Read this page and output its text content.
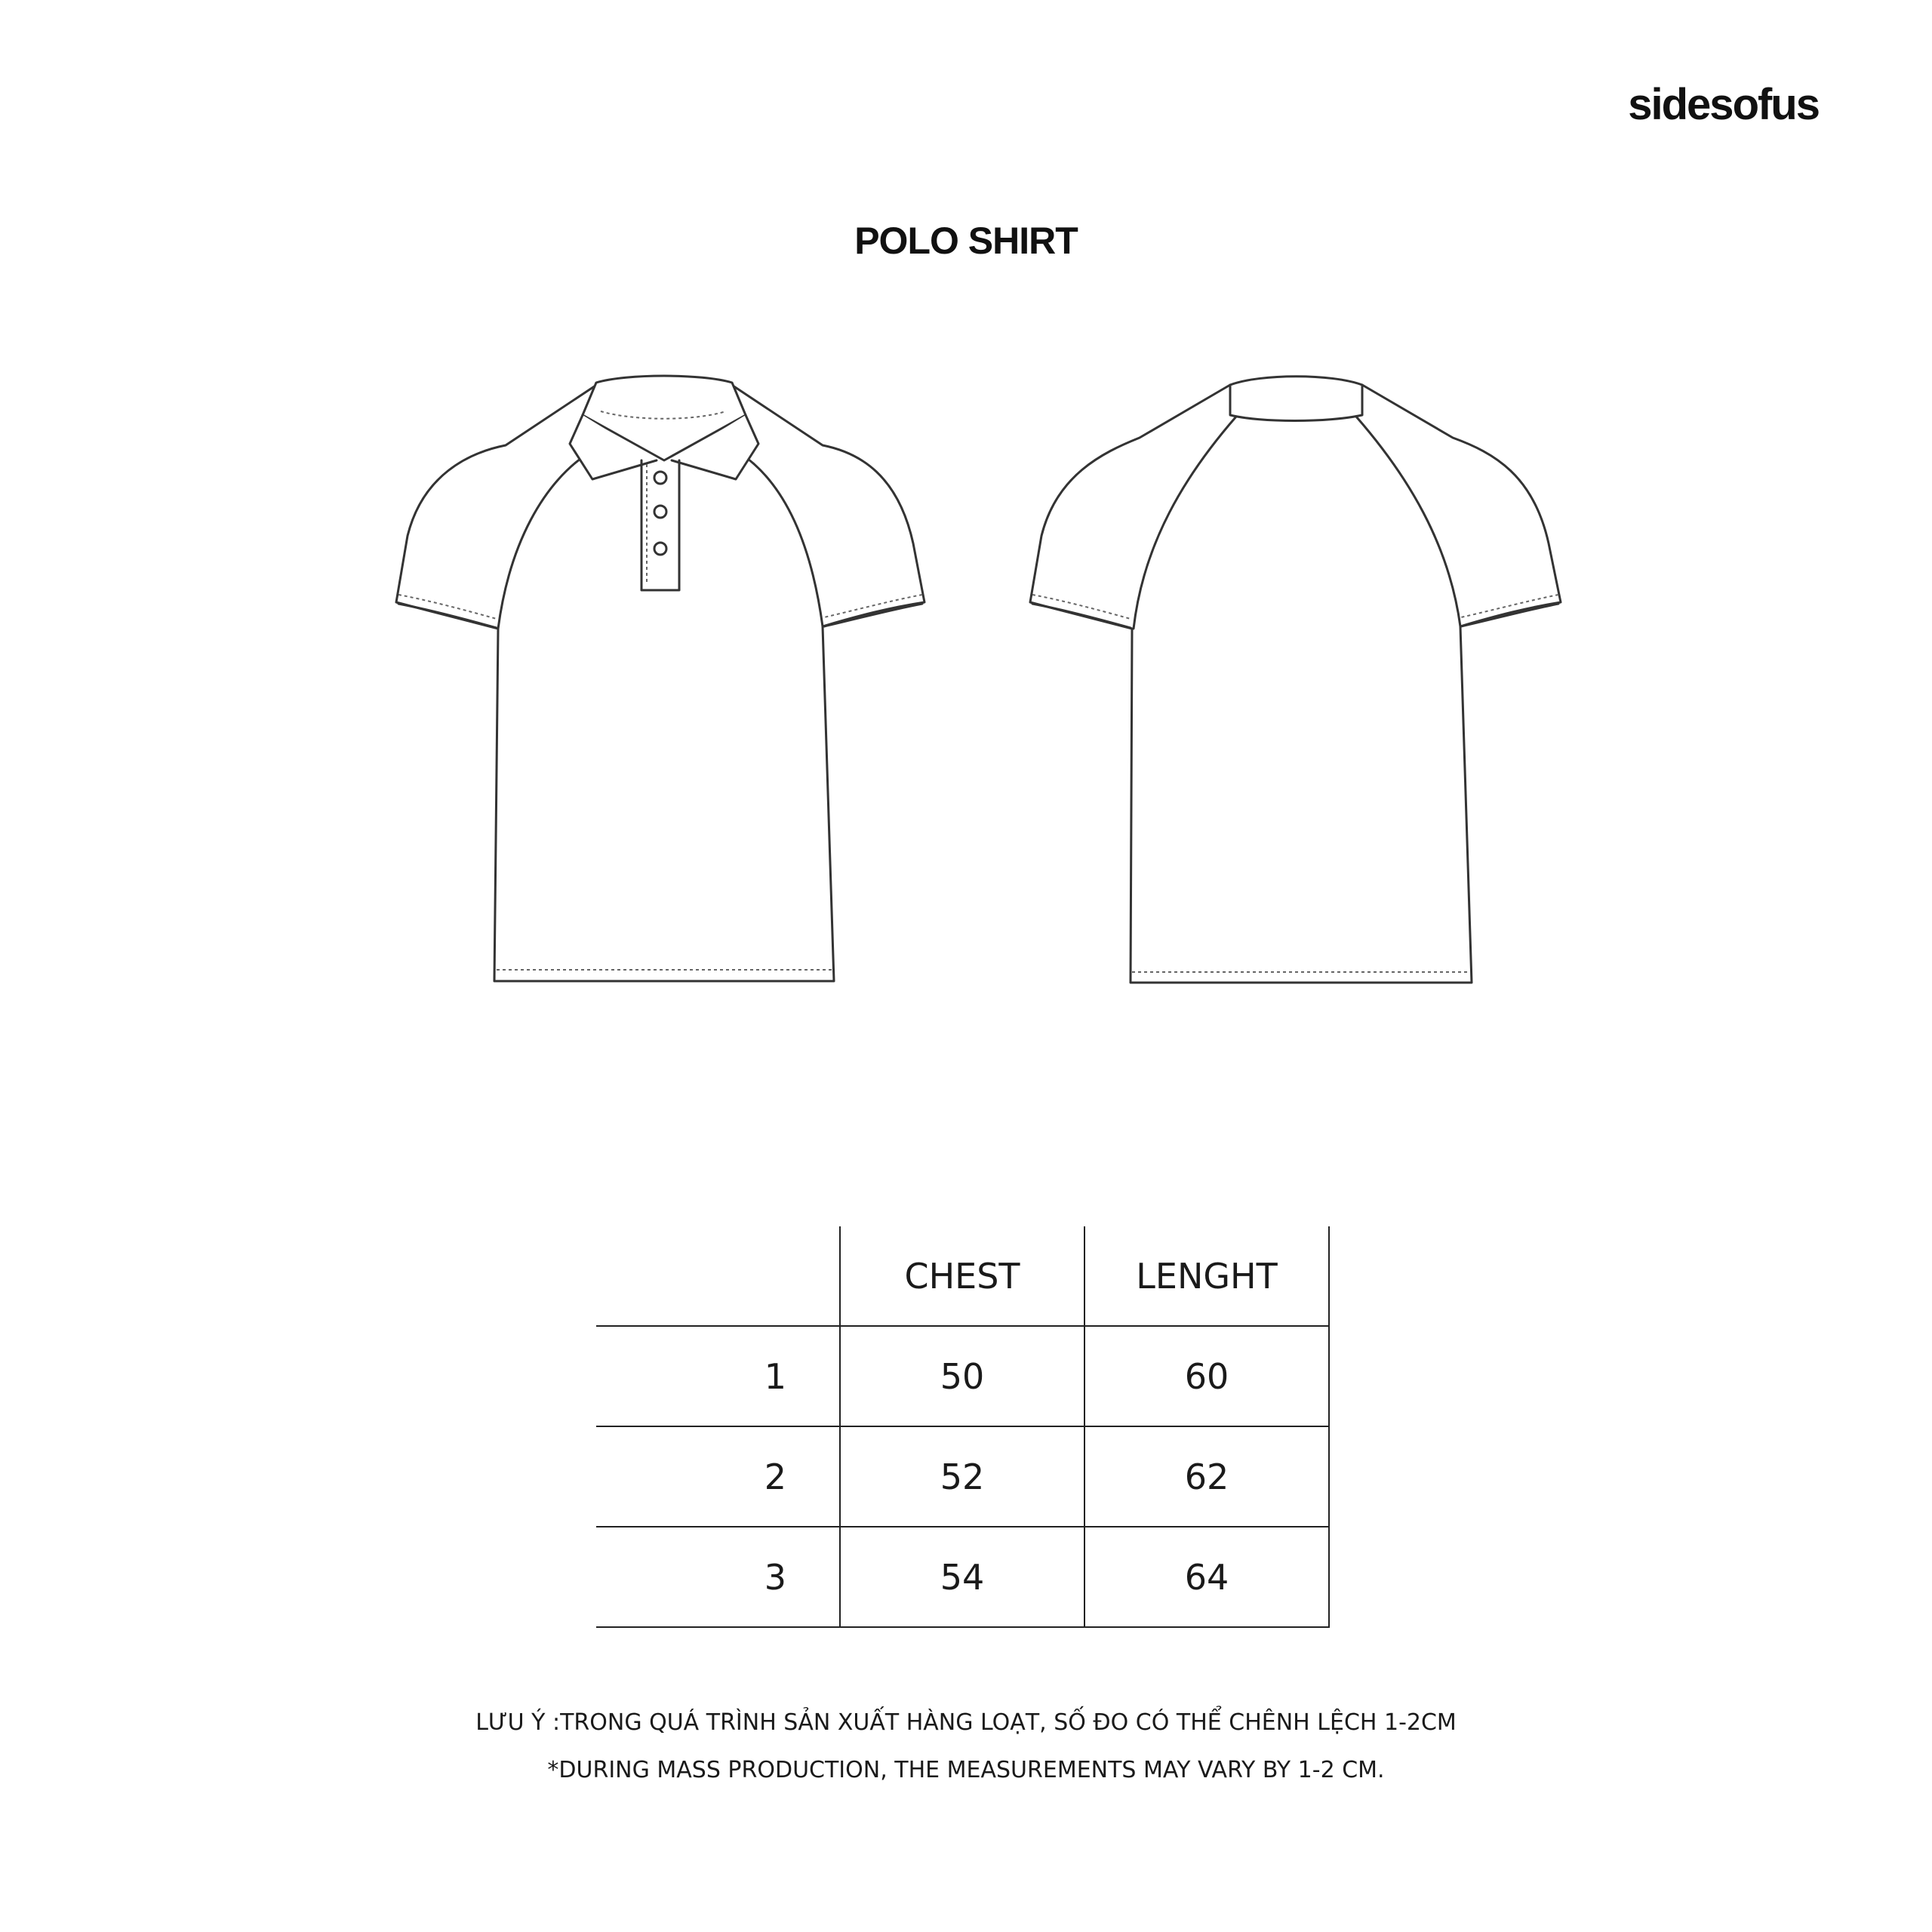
sidesofus
POLO SHIRT
	CHEST	LENGHT
1	50	60
2	52	62
3	54	64
LƯU Ý :TRONG QUÁ TRÌNH SẢN XUẤT HÀNG LOẠT, SỐ ĐO CÓ THỂ CHÊNH LỆCH 1-2CM
*DURING MASS PRODUCTION, THE MEASUREMENTS MAY VARY BY 1-2 CM.
